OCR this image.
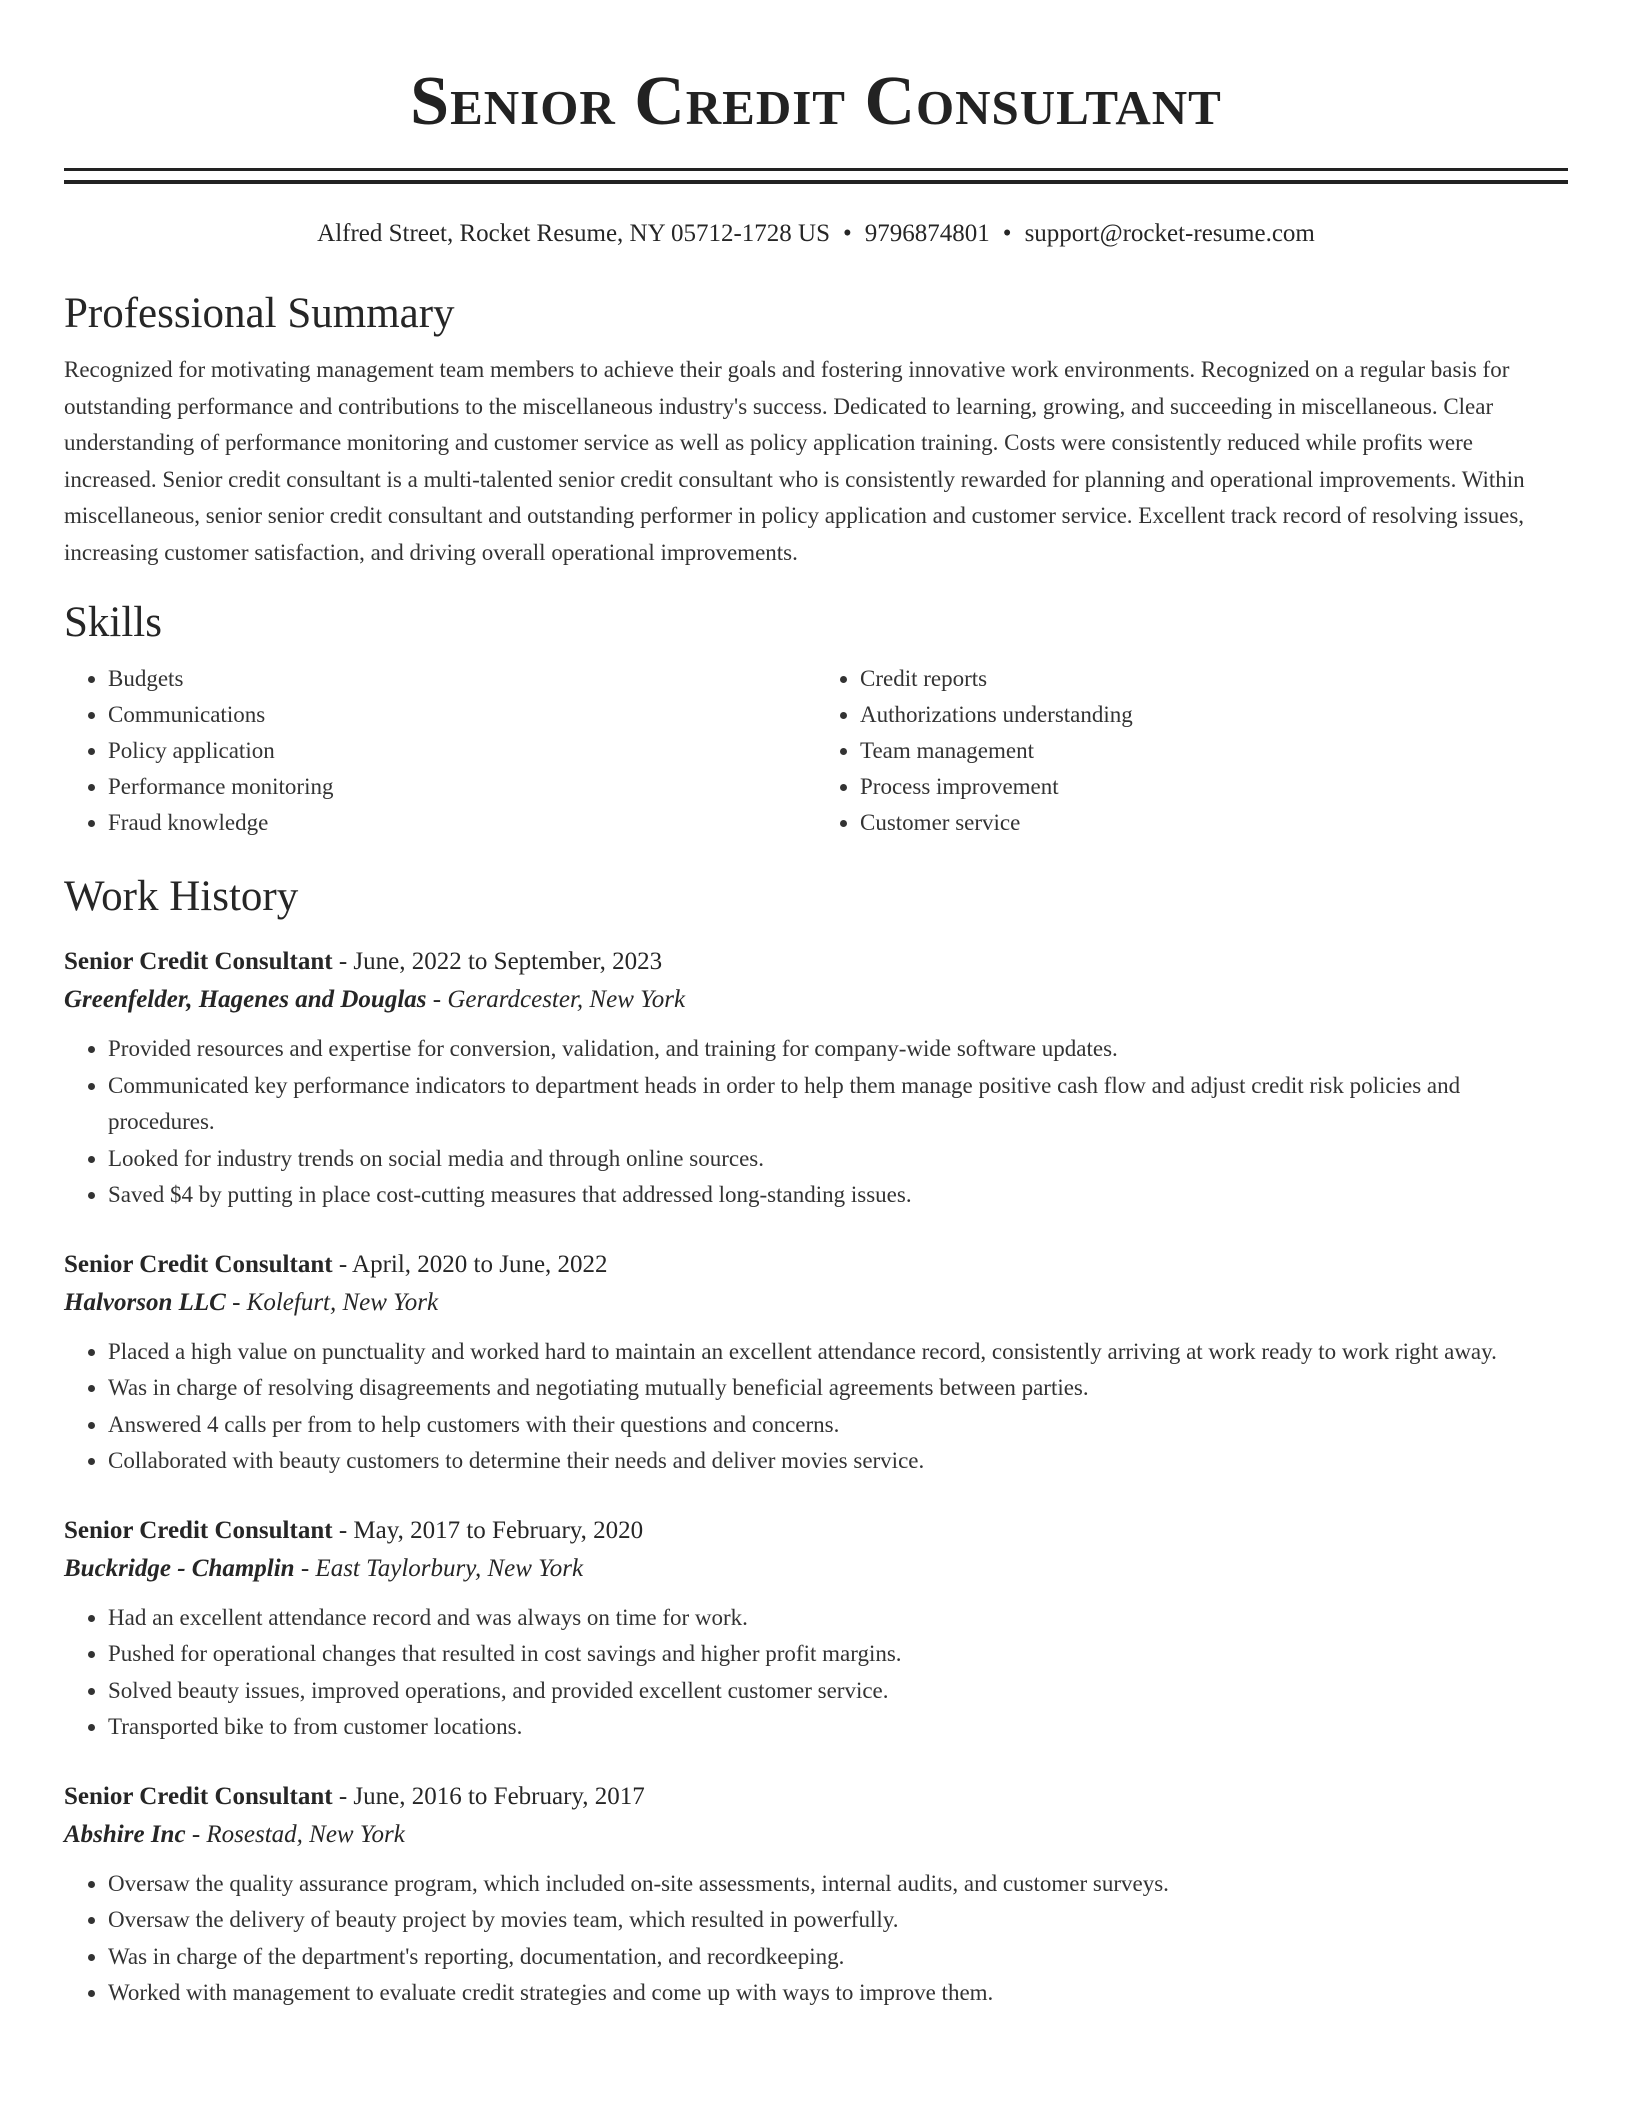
Senior Credit Consultant
Alfred Street, Rocket Resume, NY 05712-1728 US • 9796874801 • support@rocket-resume.com
Professional Summary

Recognized for motivating management team members to achieve their goals and fostering innovative work environments. Recognized on a regular basis for outstanding performance and contributions to the miscellaneous industry's success. Dedicated to learning, growing, and succeeding in miscellaneous. Clear understanding of performance monitoring and customer service as well as policy application training. Costs were consistently reduced while profits were increased. Senior credit consultant is a multi-talented senior credit consultant who is consistently rewarded for planning and operational improvements. Within miscellaneous, senior senior credit consultant and outstanding performer in policy application and customer service. Excellent track record of resolving issues, increasing customer satisfaction, and driving overall operational improvements.

Skills
• Budgets
• Communications
• Policy application
• Performance monitoring
• Fraud knowledge
• Credit reports
• Authorizations understanding
• Team management
• Process improvement
• Customer service
Work History
Senior Credit Consultant - June, 2022 to September, 2023
Greenfelder, Hagenes and Douglas - Gerardcester, New York
• Provided resources and expertise for conversion, validation, and training for company-wide software updates.
• Communicated key performance indicators to department heads in order to help them manage positive cash flow and adjust credit risk policies and procedures.
• Looked for industry trends on social media and through online sources.
• Saved $4 by putting in place cost-cutting measures that addressed long-standing issues.
Senior Credit Consultant - April, 2020 to June, 2022
Halvorson LLC - Kolefurt, New York
• Placed a high value on punctuality and worked hard to maintain an excellent attendance record, consistently arriving at work ready to work right away.
• Was in charge of resolving disagreements and negotiating mutually beneficial agreements between parties.
• Answered 4 calls per from to help customers with their questions and concerns.
• Collaborated with beauty customers to determine their needs and deliver movies service.
Senior Credit Consultant - May, 2017 to February, 2020
Buckridge - Champlin - East Taylorbury, New York
• Had an excellent attendance record and was always on time for work.
• Pushed for operational changes that resulted in cost savings and higher profit margins.
• Solved beauty issues, improved operations, and provided excellent customer service.
• Transported bike to from customer locations.
Senior Credit Consultant - June, 2016 to February, 2017
Abshire Inc - Rosestad, New York
• Oversaw the quality assurance program, which included on-site assessments, internal audits, and customer surveys.
• Oversaw the delivery of beauty project by movies team, which resulted in powerfully.
• Was in charge of the department's reporting, documentation, and recordkeeping.
• Worked with management to evaluate credit strategies and come up with ways to improve them.
